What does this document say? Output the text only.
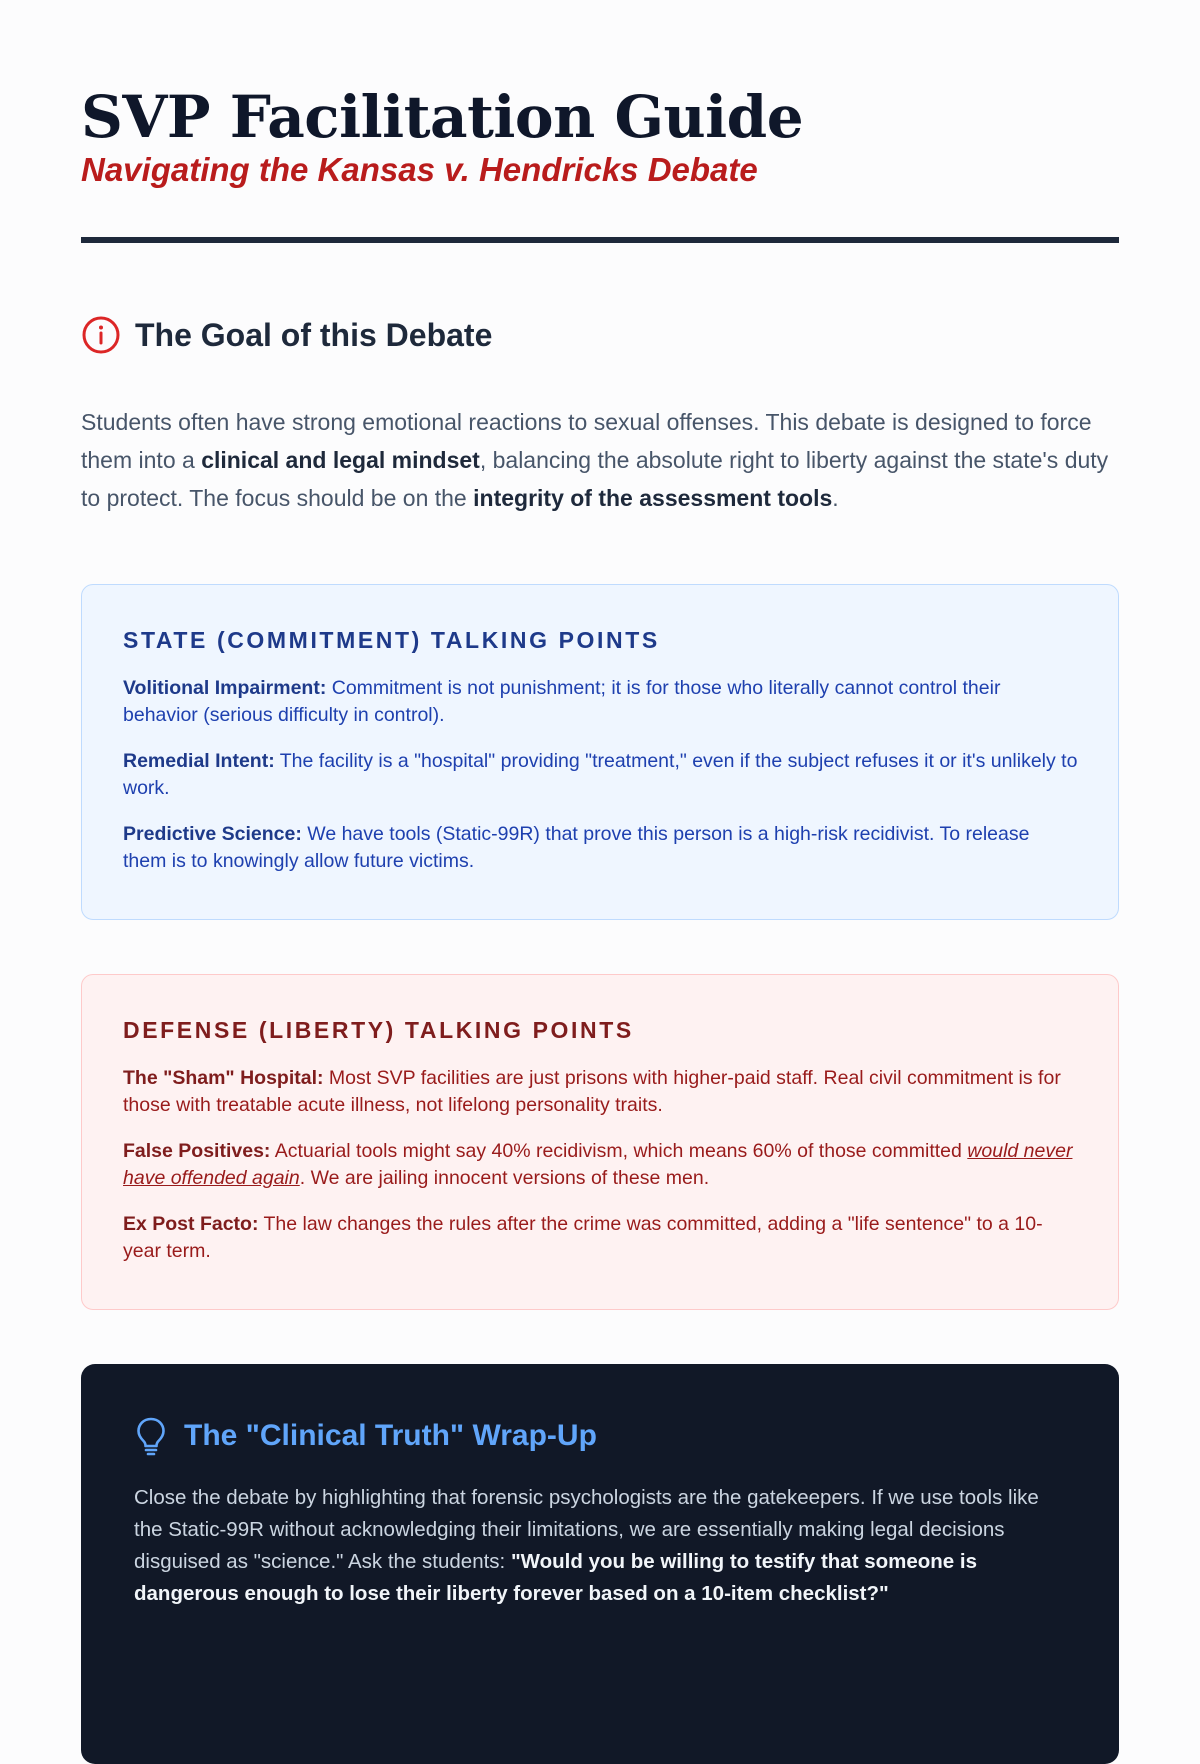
SVP Facilitation Guide
Navigating the Kansas v. Hendricks Debate
The Goal of this Debate

Students often have strong emotional reactions to sexual offenses. This debate is designed to force them into a clinical and legal mindset, balancing the absolute right to liberty against the state's duty to protect. The focus should be on the integrity of the assessment tools.

STATE (COMMITMENT) TALKING POINTS

Volitional Impairment: Commitment is not punishment; it is for those who literally cannot control their behavior (serious difficulty in control).

Remedial Intent: The facility is a "hospital" providing "treatment," even if the subject refuses it or it's unlikely to work.

Predictive Science: We have tools (Static-99R) that prove this person is a high-risk recidivist. To release them is to knowingly allow future victims.

DEFENSE (LIBERTY) TALKING POINTS

The "Sham" Hospital: Most SVP facilities are just prisons with higher-paid staff. Real civil commitment is for those with treatable acute illness, not lifelong personality traits.

False Positives: Actuarial tools might say 40% recidivism, which means 60% of those committed would never have offended again. We are jailing innocent versions of these men.

Ex Post Facto: The law changes the rules after the crime was committed, adding a "life sentence" to a 10-year term.

The "Clinical Truth" Wrap-Up

Close the debate by highlighting that forensic psychologists are the gatekeepers. If we use tools like the Static-99R without acknowledging their limitations, we are essentially making legal decisions disguised as "science." Ask the students: "Would you be willing to testify that someone is dangerous enough to lose their liberty forever based on a 10-item checklist?"
